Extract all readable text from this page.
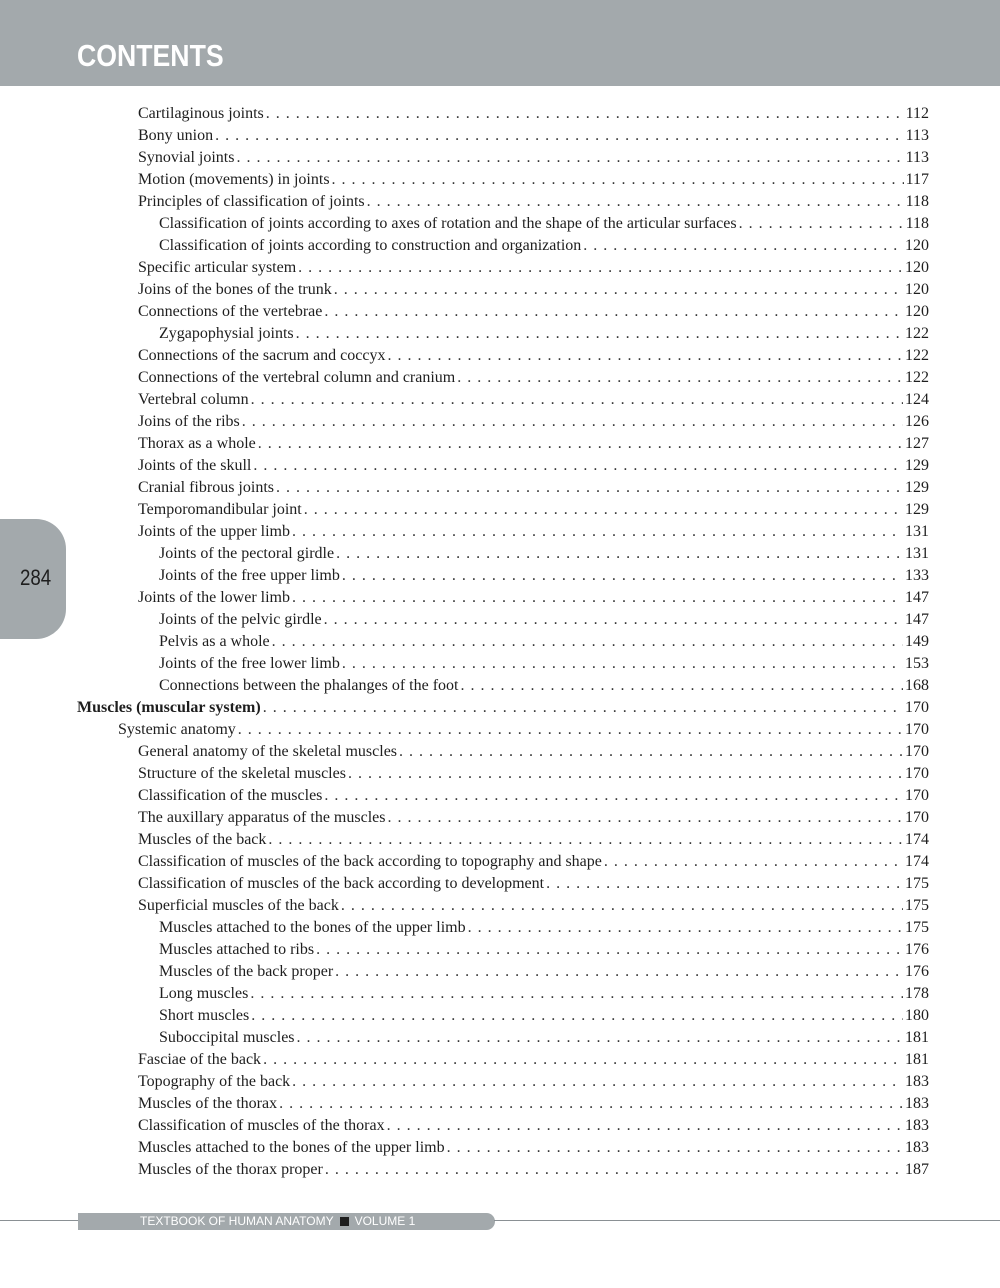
CONTENTS
284
Cartilaginous joints . . .	112
Bony union . . .	113
Synovial joints . . .	113
Motion (movements) in joints . . .	117
Principles of classification of joints . . .	118
Classification of joints according to axes of rotation and the shape of the articular surfaces . . .	118
Classification of joints according to construction and organization . . .	120
Specific articular system . . .	120
Joins of the bones of the trunk . . .	120
Connections of the vertebrae . . .	120
Zygapophysial joints . . .	122
Connections of the sacrum and coccyx . . .	122
Connections of the vertebral column and cranium . . .	122
Vertebral column . . .	124
Joins of the ribs . . .	126
Thorax as a whole . . .	127
Joints of the skull . . .	129
Cranial fibrous joints . . .	129
Temporomandibular joint . . .	129
Joints of the upper limb . . .	131
Joints of the pectoral girdle . . .	131
Joints of the free upper limb . . .	133
Joints of the lower limb . . .	147
Joints of the pelvic girdle . . .	147
Pelvis as a whole . . .	149
Joints of the free lower limb . . .	153
Connections between the phalanges of the foot . . .	168
Muscles (muscular system) . . .	170
Systemic anatomy . . .	170
General anatomy of the skeletal muscles . . .	170
Structure of the skeletal muscles . . .	170
Classification of the muscles . . .	170
The auxillary apparatus of the muscles . . .	170
Muscles of the back . . .	174
Classification of muscles of the back according to topography and shape . . .	174
Classification of muscles of the back according to development . . .	175
Superficial muscles of the back . . .	175
Muscles attached to the bones of the upper limb . . .	175
Muscles attached to ribs . . .	176
Muscles of the back proper . . .	176
Long muscles . . .	178
Short muscles . . .	180
Suboccipital muscles . . .	181
Fasciae of the back . . .	181
Topography of the back . . .	183
Muscles of the thorax . . .	183
Classification of muscles of the thorax . . .	183
Muscles attached to the bones of the upper limb . . .	183
Muscles of the thorax proper . . .	187
TEXTBOOK OF HUMAN ANATOMY VOLUME 1
